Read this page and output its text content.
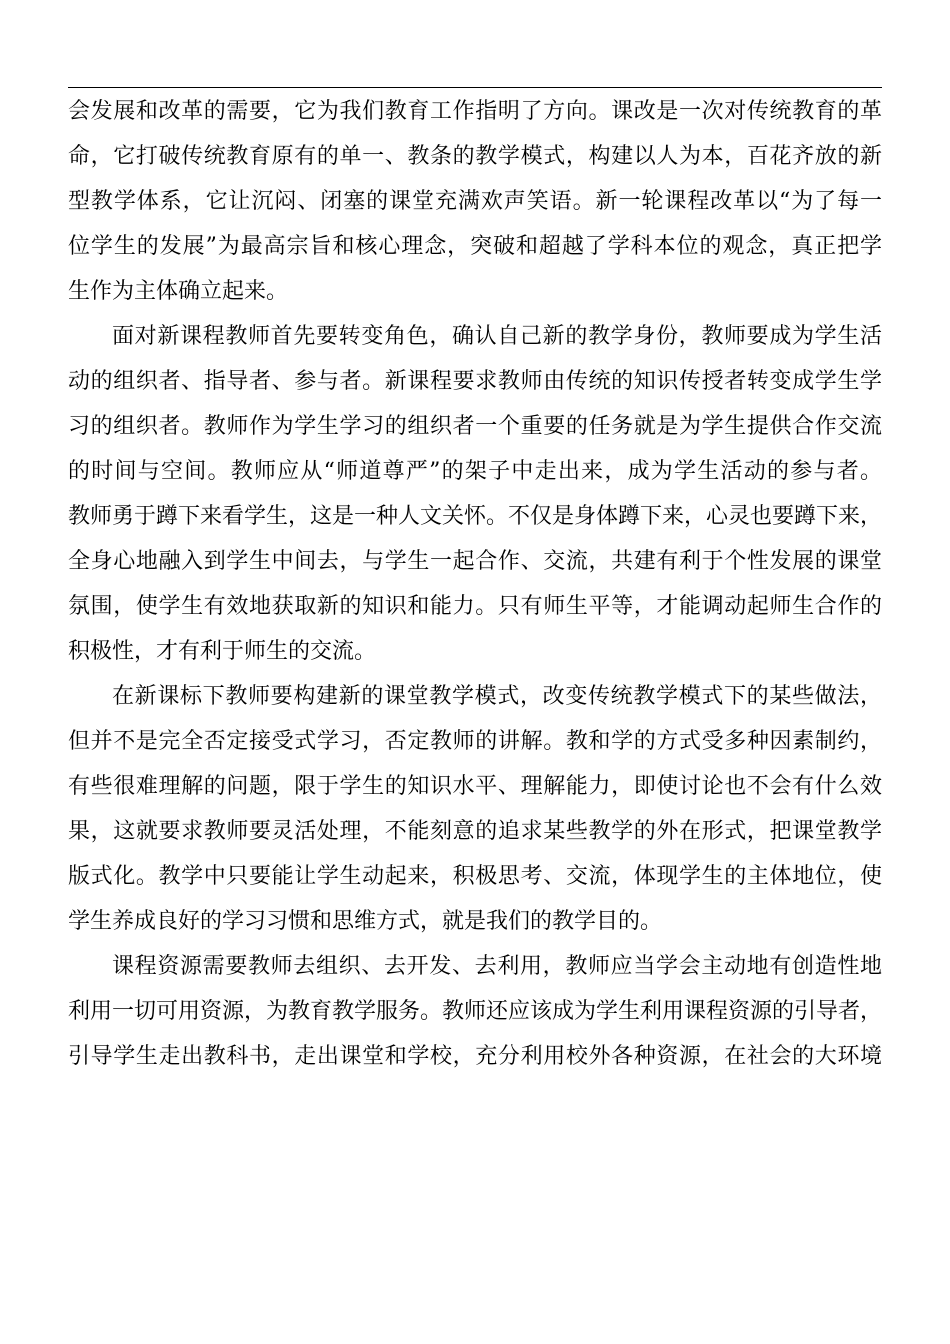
会发展和改革的需要，它为我们教育工作指明了方向。课改是一次对传统教育的革
命，它打破传统教育原有的单一、教条的教学模式，构建以人为本，百花齐放的新
型教学体系，它让沉闷、闭塞的课堂充满欢声笑语。新一轮课程改革以“为了每一
位学生的发展”为最高宗旨和核心理念，突破和超越了学科本位的观念，真正把学
生作为主体确立起来。
面对新课程教师首先要转变角色，确认自己新的教学身份，教师要成为学生活
动的组织者、指导者、参与者。新课程要求教师由传统的知识传授者转变成学生学
习的组织者。教师作为学生学习的组织者一个重要的任务就是为学生提供合作交流
的时间与空间。教师应从“师道尊严”的架子中走出来，成为学生活动的参与者。
教师勇于蹲下来看学生，这是一种人文关怀。不仅是身体蹲下来，心灵也要蹲下来，
全身心地融入到学生中间去，与学生一起合作、交流，共建有利于个性发展的课堂
氛围，使学生有效地获取新的知识和能力。只有师生平等，才能调动起师生合作的
积极性，才有利于师生的交流。
在新课标下教师要构建新的课堂教学模式，改变传统教学模式下的某些做法，
但并不是完全否定接受式学习，否定教师的讲解。教和学的方式受多种因素制约，
有些很难理解的问题，限于学生的知识水平、理解能力，即使讨论也不会有什么效
果，这就要求教师要灵活处理，不能刻意的追求某些教学的外在形式，把课堂教学
版式化。教学中只要能让学生动起来，积极思考、交流，体现学生的主体地位，使
学生养成良好的学习习惯和思维方式，就是我们的教学目的。
课程资源需要教师去组织、去开发、去利用，教师应当学会主动地有创造性地
利用一切可用资源，为教育教学服务。教师还应该成为学生利用课程资源的引导者，
引导学生走出教科书，走出课堂和学校，充分利用校外各种资源，在社会的大环境
